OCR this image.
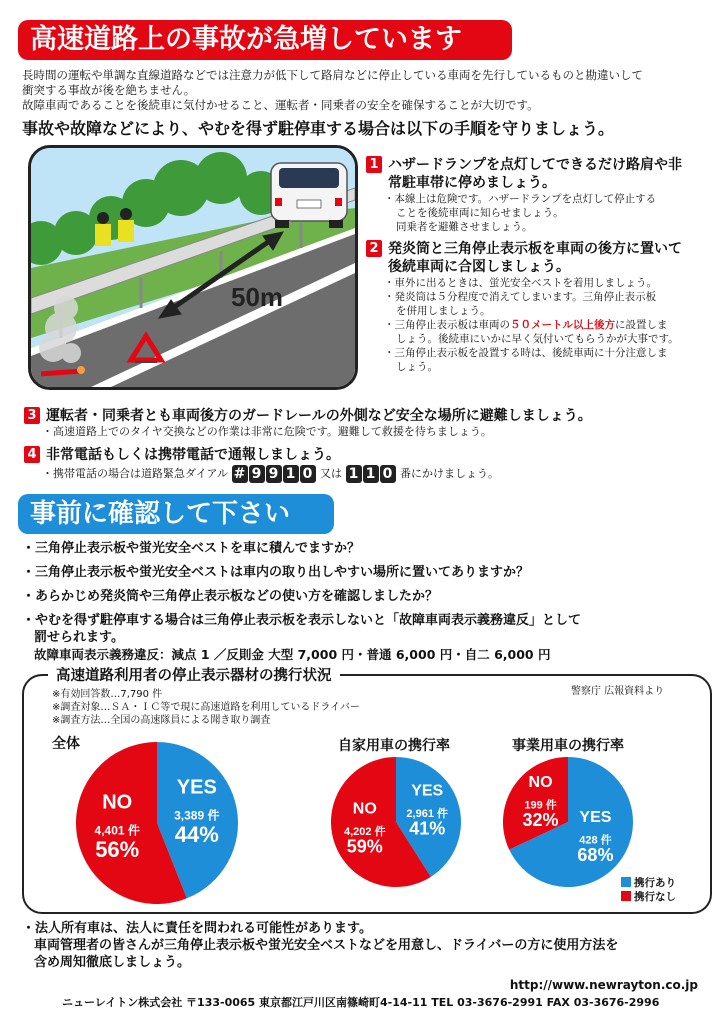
高速道路上の事故が急増しています
長時間の運転や単調な直線道路などでは注意力が低下して路肩などに停止している車両を先行しているものと勘違いして
衝突する事故が後を絶ちません。
故障車両であることを後続車に気付かせること、運転者・同乗者の安全を確保することが大切です。
事故や故障などにより、やむを得ず駐停車する場合は以下の手順を守りましょう。
50m
1 ハザードランプを点灯してできるだけ路肩や非
常駐車帯に停めましょう。
・本線上は危険です。ハザードランプを点灯して停止する
ことを後続車両に知らせましょう。
同乗者を避難させましょう。
2 発炎筒と三角停止表示板を車両の後方に置いて
後続車両に合図しましょう。
・車外に出るときは、蛍光安全ベストを着用しましょう。
・発炎筒は５分程度で消えてしまいます。三角停止表示板
を併用しましょう。
・三角停止表示板は車両の５０メートル以上後方に設置しま
しょう。後続車にいかに早く気付いてもらうかが大事です。
・三角停止表示板を設置する時は、後続車両に十分注意しま
しょう。
3 運転者・同乗者とも車両後方のガードレールの外側など安全な場所に避難しましょう。
・高速道路上でのタイヤ交換などの作業は非常に危険です。避難して救援を待ちましょう。
4 非常電話もしくは携帯電話で通報しましょう。
・携帯電話の場合は道路緊急ダイアル # 9 9 1 0 又は 1 1 0 番にかけましょう。
事前に確認して下さい
・三角停止表示板や蛍光安全ベストを車に積んでますか？
・三角停止表示板や蛍光安全ベストは車内の取り出しやすい場所に置いてありますか？
・あらかじめ発炎筒や三角停止表示板などの使い方を確認しましたか？
・やむを得ず駐停車する場合は三角停止表示板を表示しないと「故障車両表示義務違反」として
罰せられます。
故障車両表示義務違反：減点 1 ／反則金 大型 7,000 円・普通 6,000 円・自二 6,000 円
高速道路利用者の停止表示器材の携行状況
※有効回答数…7,790 件
※調査対象…ＳＡ・ＩＣ等で現に高速道路を利用しているドライバー
※調査方法…全国の高速隊員による聞き取り調査
警察庁 広報資料より
全体	自家用車の携行率	事業用車の携行率
YES
3,389 件
44%
NO
4,401 件
56%
YES
2,961 件
41%
NO
4,202 件
59%
YES
428 件
68%
NO
199 件
32%
携行あり
携行なし
・法人所有車は、法人に責任を問われる可能性があります。
車両管理者の皆さんが三角停止表示板や蛍光安全ベストなどを用意し、ドライバーの方に使用方法を
含め周知徹底しましょう。
http://www.newrayton.co.jp
ニューレイトン株式会社 〒133-0065 東京都江戸川区南篠崎町4-14-11 TEL 03-3676-2991 FAX 03-3676-2996
